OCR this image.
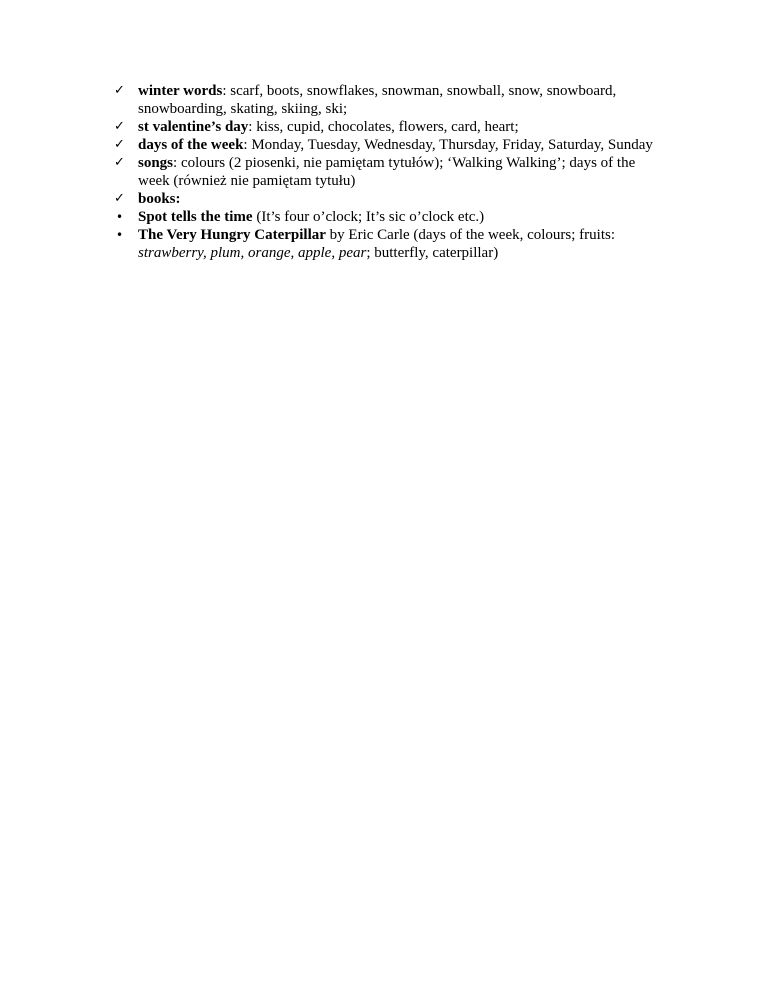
✓ winter words: scarf, boots, snowflakes, snowman, snowball, snow, snowboard, snowboarding, skating, skiing, ski;
✓ st valentine’s day: kiss, cupid, chocolates, flowers, card, heart;
✓ days of the week: Monday, Tuesday, Wednesday, Thursday, Friday, Saturday, Sunday
✓ songs: colours (2 piosenki, nie pamiętam tytułów); ‘Walking Walking’; days of the week (również nie pamiętam tytułu)
✓ books:
• Spot tells the time (It’s four o’clock; It’s sic o’clock etc.)
• The Very Hungry Caterpillar by Eric Carle (days of the week, colours; fruits: strawberry, plum, orange, apple, pear; butterfly, caterpillar)
